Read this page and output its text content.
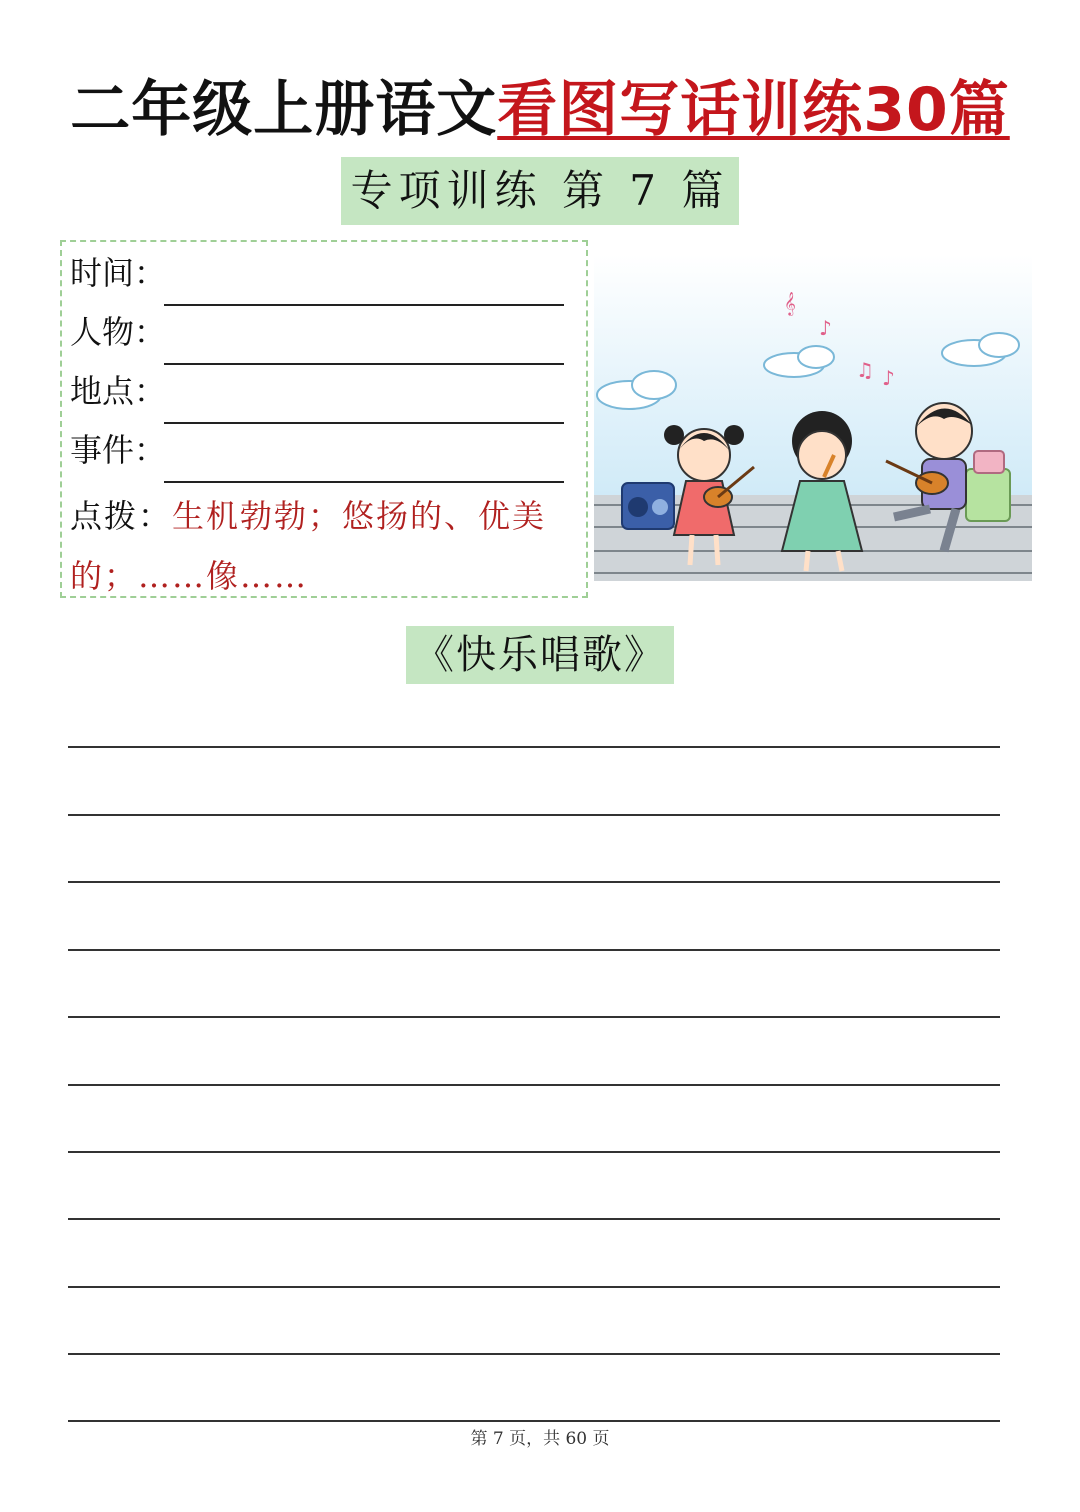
二年级上册语文看图写话训练30篇
专项训练 第 7 篇
时间：
人物：
地点：
事件：
点拨：生机勃勃；悠扬的、优美的；……像……
𝄞
♪
♫ ♪
《快乐唱歌》
第 7 页，共 60 页
